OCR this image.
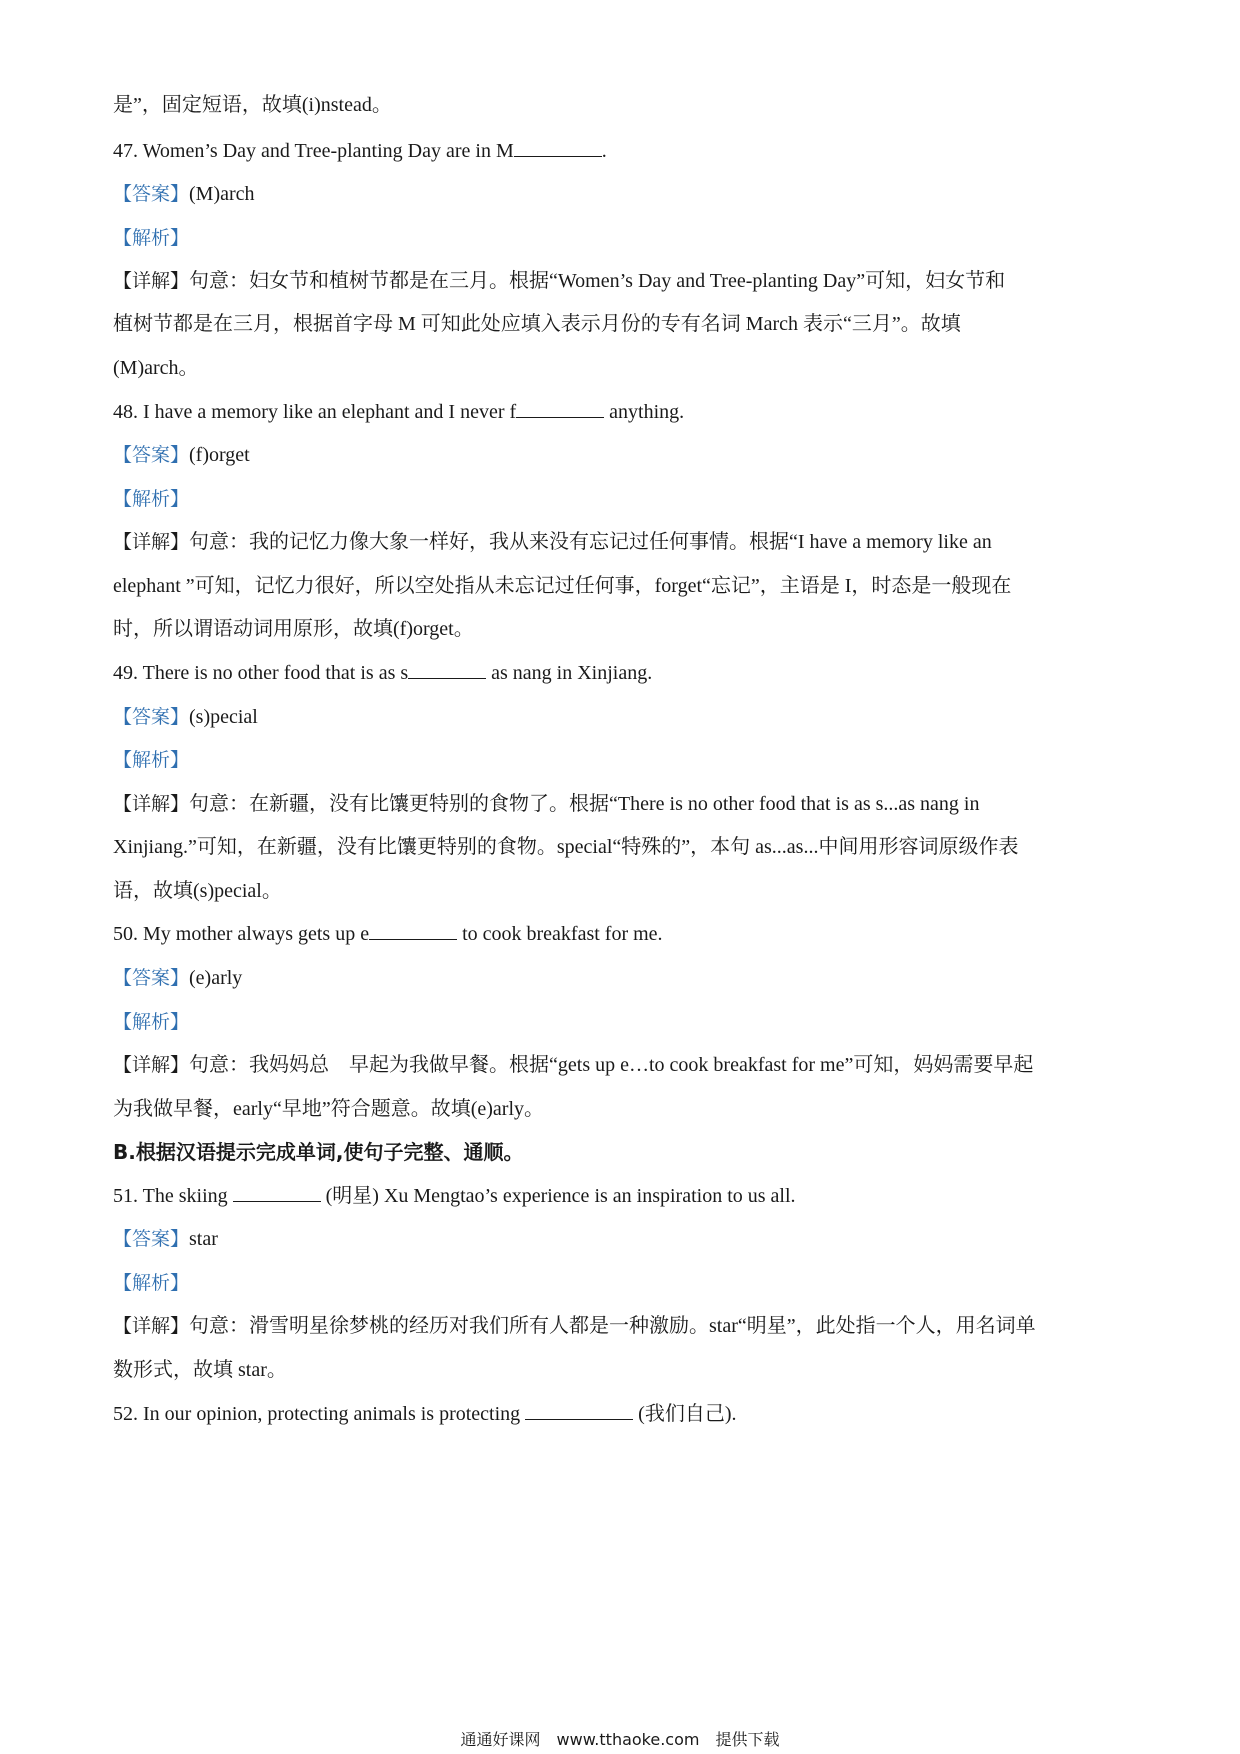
是”，固定短语，故填(i)nstead。
47. Women’s Day and Tree-planting Day are in M	.
【答案】(M)arch
【解析】
【详解】句意：妇女节和植树节都是在三月。根据“Women’s Day and Tree-planting Day”可知，妇女节和
植树节都是在三月，根据首字母 M 可知此处应填入表示月份的专有名词 March 表示“三月”。故填
(M)arch。
48. I have a memory like an elephant and I never f	anything.
【答案】(f)orget
【解析】
【详解】句意：我的记忆力像大象一样好，我从来没有忘记过任何事情。根据“I have a memory like an
elephant ”可知，记忆力很好，所以空处指从未忘记过任何事，forget“忘记”，主语是 I，时态是一般现在
时，所以谓语动词用原形，故填(f)orget。
49. There is no other food that is as s	as nang in Xinjiang.
【答案】(s)pecial
【解析】
【详解】句意：在新疆，没有比馕更特别的食物了。根据“There is no other food that is as s...as nang in
Xinjiang.”可知，在新疆，没有比馕更特别的食物。special“特殊的”，本句 as...as...中间用形容词原级作表
语，故填(s)pecial。
50. My mother always gets up e	to cook breakfast for me.
【答案】(e)arly
【解析】
【详解】句意：我妈妈总　早起为我做早餐。根据“gets up e…to cook breakfast for me”可知，妈妈需要早起
为我做早餐，early“早地”符合题意。故填(e)arly。
B.根据汉语提示完成单词,使句子完整、通顺。
51. The skiing	(明星) Xu Mengtao’s experience is an inspiration to us all.
【答案】star
【解析】
【详解】句意：滑雪明星徐梦桃的经历对我们所有人都是一种激励。star“明星”，此处指一个人，用名词单
数形式，故填 star。
52. In our opinion, protecting animals is protecting	(我们自己).
通通好课网　www.tthaoke.com　提供下载
